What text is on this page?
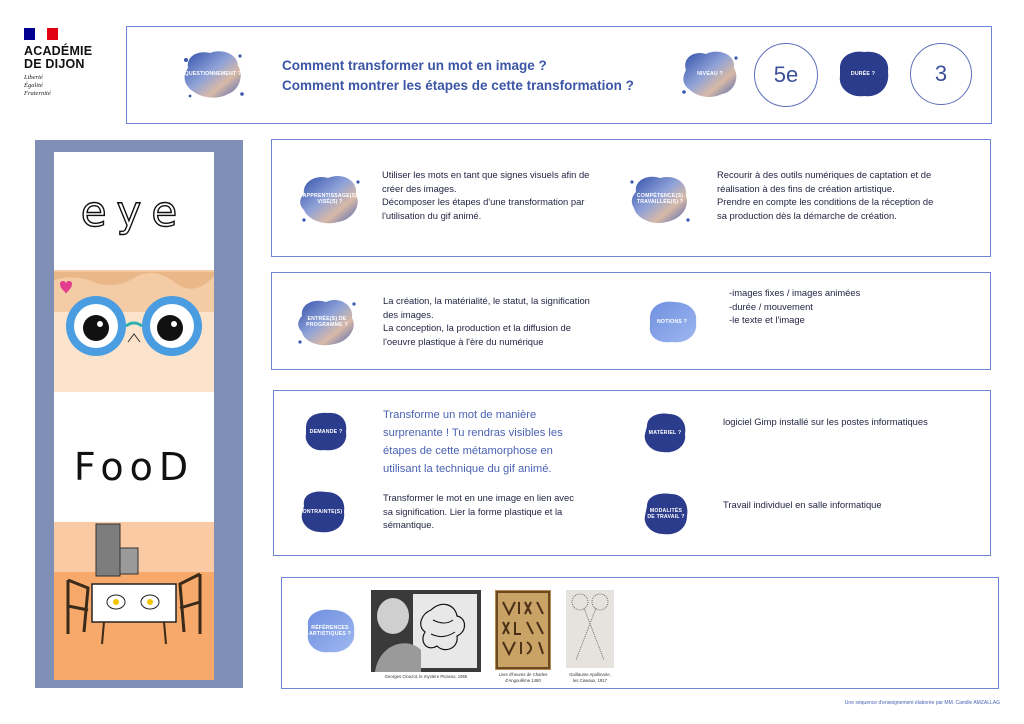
ACADÉMIE
DE DIJON
Liberté
Égalité
Fraternité
QUESTIONNEMENT ?
Comment transformer un mot en image ?
Comment montrer les étapes de cette transformation ?
NIVEAU ?	5e	DURÉE ?	3
eye
FooD
APPRENTISSAGE(S)
VISÉ(S) ?
Utiliser les mots en tant que signes visuels afin de
créer des images.
Décomposer les étapes d'une transformation par
l'utilisation du gif animé.
COMPÉTENCE(S)
TRAVAILLÉE(S) ?
Recourir à des outils numériques de captation et de
réalisation à des fins de création artistique.
Prendre en compte les conditions de la réception de
sa production dès la démarche de création.
ENTRÉE(S) DE
PROGRAMME ?
La création, la matérialité, le statut, la signification
des images.
La conception, la production et la diffusion de
l'oeuvre plastique à l'ère du numérique
NOTIONS ?
-images fixes / images animées
-durée / mouvement
-le texte et l'image
DEMANDE ?
Transforme un mot de manière
surprenante ! Tu rendras visibles les
étapes de cette métamorphose en
utilisant la technique du gif animé.
MATÉRIEL ?
logiciel Gimp installé sur les postes informatiques
CONTRAINTE(S) ?
Transformer le mot en une image en lien avec
sa signification. Lier la forme plastique et la
sémantique.
MODALITÉS
DE TRAVAIL ?
Travail individuel en salle informatique
RÉFÉRENCES
ARTISTIQUES ?
Georges Clouzot, le mystère Picasso, 1955	Livre d'heures de Charles
d'Angoulême 1480
Guillaume Apollinaire,
les Ciseaux, 1917
Une séquence d'enseignement élaborée par MM. Camille AMZALLAG
